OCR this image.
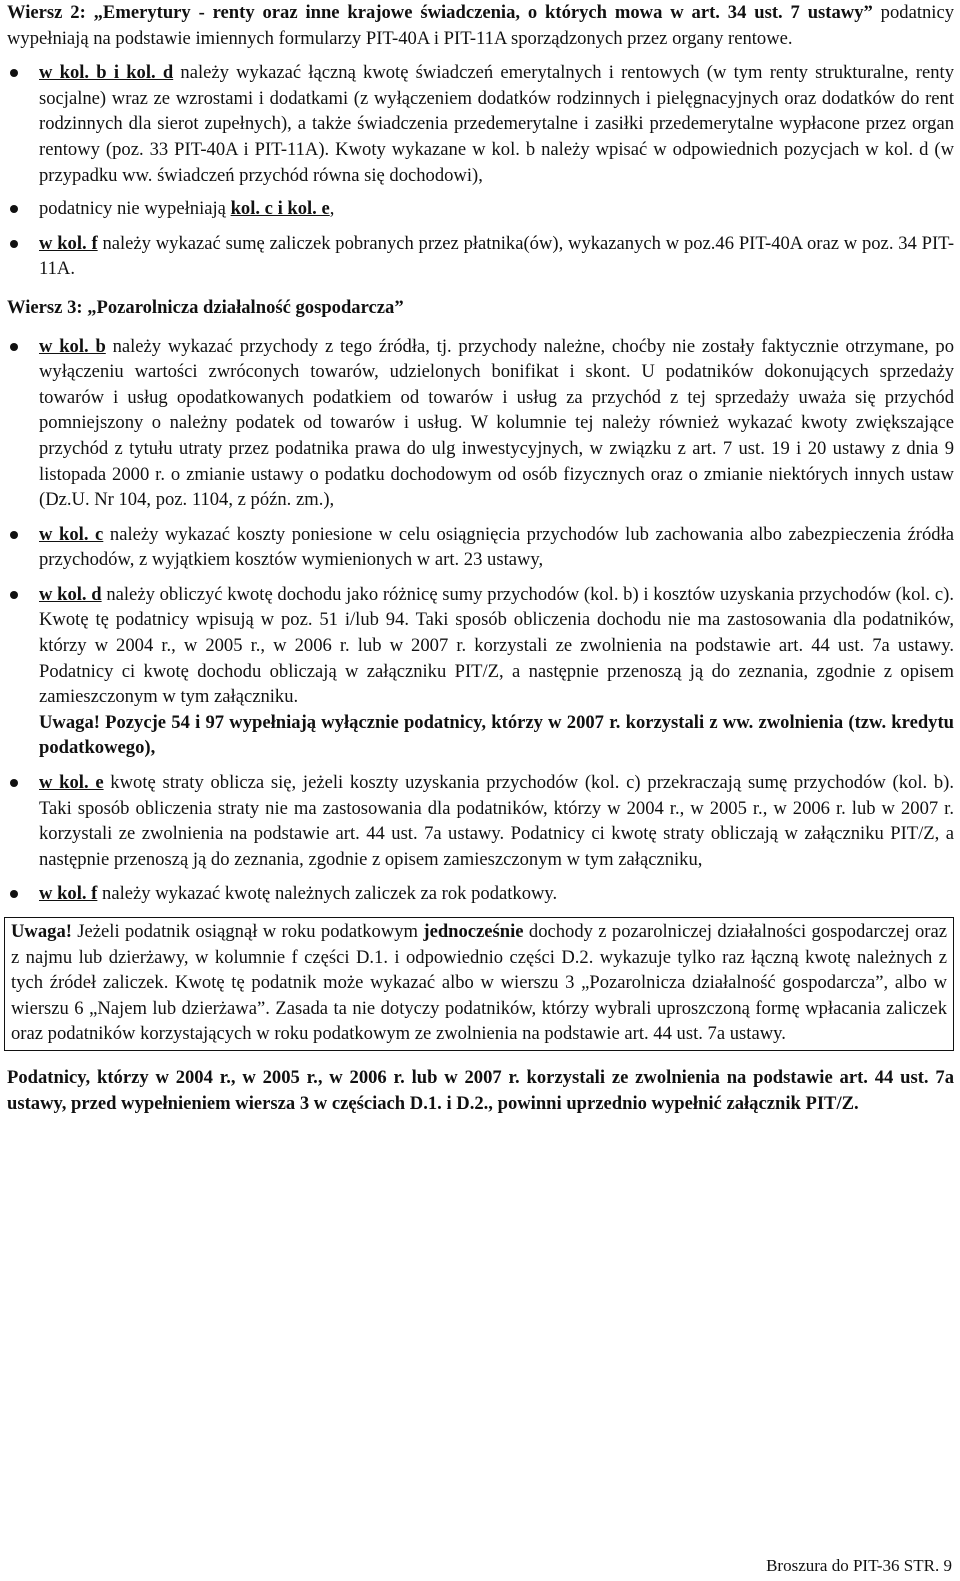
Wiersz 2: „Emerytury - renty oraz inne krajowe świadczenia, o których mowa w art. 34 ust. 7 ustawy” podatnicy wypełniają na podstawie imiennych formularzy PIT-40A i PIT-11A sporządzonych przez organy rentowe.

w kol. b i kol. d należy wykazać łączną kwotę świadczeń emerytalnych i rentowych (w tym renty strukturalne, renty socjalne) wraz ze wzrostami i dodatkami (z wyłączeniem dodatków rodzinnych i pielęgnacyjnych oraz dodatków do rent rodzinnych dla sierot zupełnych), a także świadczenia przedemerytalne i zasiłki przedemerytalne wypłacone przez organ rentowy (poz. 33 PIT-40A i PIT-11A). Kwoty wykazane w kol. b należy wpisać w odpowiednich pozycjach w kol. d (w przypadku ww. świadczeń przychód równa się dochodowi),
podatnicy nie wypełniają kol. c i kol. e,
w kol. f należy wykazać sumę zaliczek pobranych przez płatnika(ów), wykazanych w poz.46 PIT-40A oraz w poz. 34 PIT-11A.

Wiersz 3: „Pozarolnicza działalność gospodarcza”

w kol. b należy wykazać przychody z tego źródła, tj. przychody należne, choćby nie zostały faktycznie otrzymane, po wyłączeniu wartości zwróconych towarów, udzielonych bonifikat i skont. U podatników dokonujących sprzedaży towarów i usług opodatkowanych podatkiem od towarów i usług za przychód z tej sprzedaży uważa się przychód pomniejszony o należny podatek od towarów i usług. W kolumnie tej należy również wykazać kwoty zwiększające przychód z tytułu utraty przez podatnika prawa do ulg inwestycyjnych, w związku z art. 7 ust. 19 i 20 ustawy z dnia 9 listopada 2000 r. o zmianie ustawy o podatku dochodowym od osób fizycznych oraz o zmianie niektórych innych ustaw (Dz.U. Nr 104, poz. 1104, z późn. zm.),
w kol. c należy wykazać koszty poniesione w celu osiągnięcia przychodów lub zachowania albo zabezpieczenia źródła przychodów, z wyjątkiem kosztów wymienionych w art. 23 ustawy,
w kol. d należy obliczyć kwotę dochodu jako różnicę sumy przychodów (kol. b) i kosztów uzyskania przychodów (kol. c). Kwotę tę podatnicy wpisują w poz. 51 i/lub 94. Taki sposób obliczenia dochodu nie ma zastosowania dla podatników, którzy w 2004 r., w 2005 r., w 2006 r. lub w 2007 r. korzystali ze zwolnienia na podstawie art. 44 ust. 7a ustawy. Podatnicy ci kwotę dochodu obliczają w załączniku PIT/Z, a następnie przenoszą ją do zeznania, zgodnie z opisem zamieszczonym w tym załączniku.
Uwaga! Pozycje 54 i 97 wypełniają wyłącznie podatnicy, którzy w 2007 r. korzystali z ww. zwolnienia (tzw. kredytu podatkowego),
w kol. e kwotę straty oblicza się, jeżeli koszty uzyskania przychodów (kol. c) przekraczają sumę przychodów (kol. b). Taki sposób obliczenia straty nie ma zastosowania dla podatników, którzy w 2004 r., w 2005 r., w 2006 r. lub w 2007 r. korzystali ze zwolnienia na podstawie art. 44 ust. 7a ustawy. Podatnicy ci kwotę straty obliczają w załączniku PIT/Z, a następnie przenoszą ją do zeznania, zgodnie z opisem zamieszczonym w tym załączniku,
w kol. f należy wykazać kwotę należnych zaliczek za rok podatkowy.
Uwaga! Jeżeli podatnik osiągnął w roku podatkowym jednocześnie dochody z pozarolniczej działalności gospodarczej oraz z najmu lub dzierżawy, w kolumnie f części D.1. i odpowiednio części D.2. wykazuje tylko raz łączną kwotę należnych z tych źródeł zaliczek. Kwotę tę podatnik może wykazać albo w wierszu 3 „Pozarolnicza działalność gospodarcza”, albo w wierszu 6 „Najem lub dzierżawa”. Zasada ta nie dotyczy podatników, którzy wybrali uproszczoną formę wpłacania zaliczek oraz podatników korzystających w roku podatkowym ze zwolnienia na podstawie art. 44 ust. 7a ustawy.

Podatnicy, którzy w 2004 r., w 2005 r., w 2006 r. lub w 2007 r. korzystali ze zwolnienia na podstawie art. 44 ust. 7a ustawy, przed wypełnieniem wiersza 3 w częściach D.1. i D.2., powinni uprzednio wypełnić załącznik PIT/Z.

Broszura do PIT-36 STR. 9
